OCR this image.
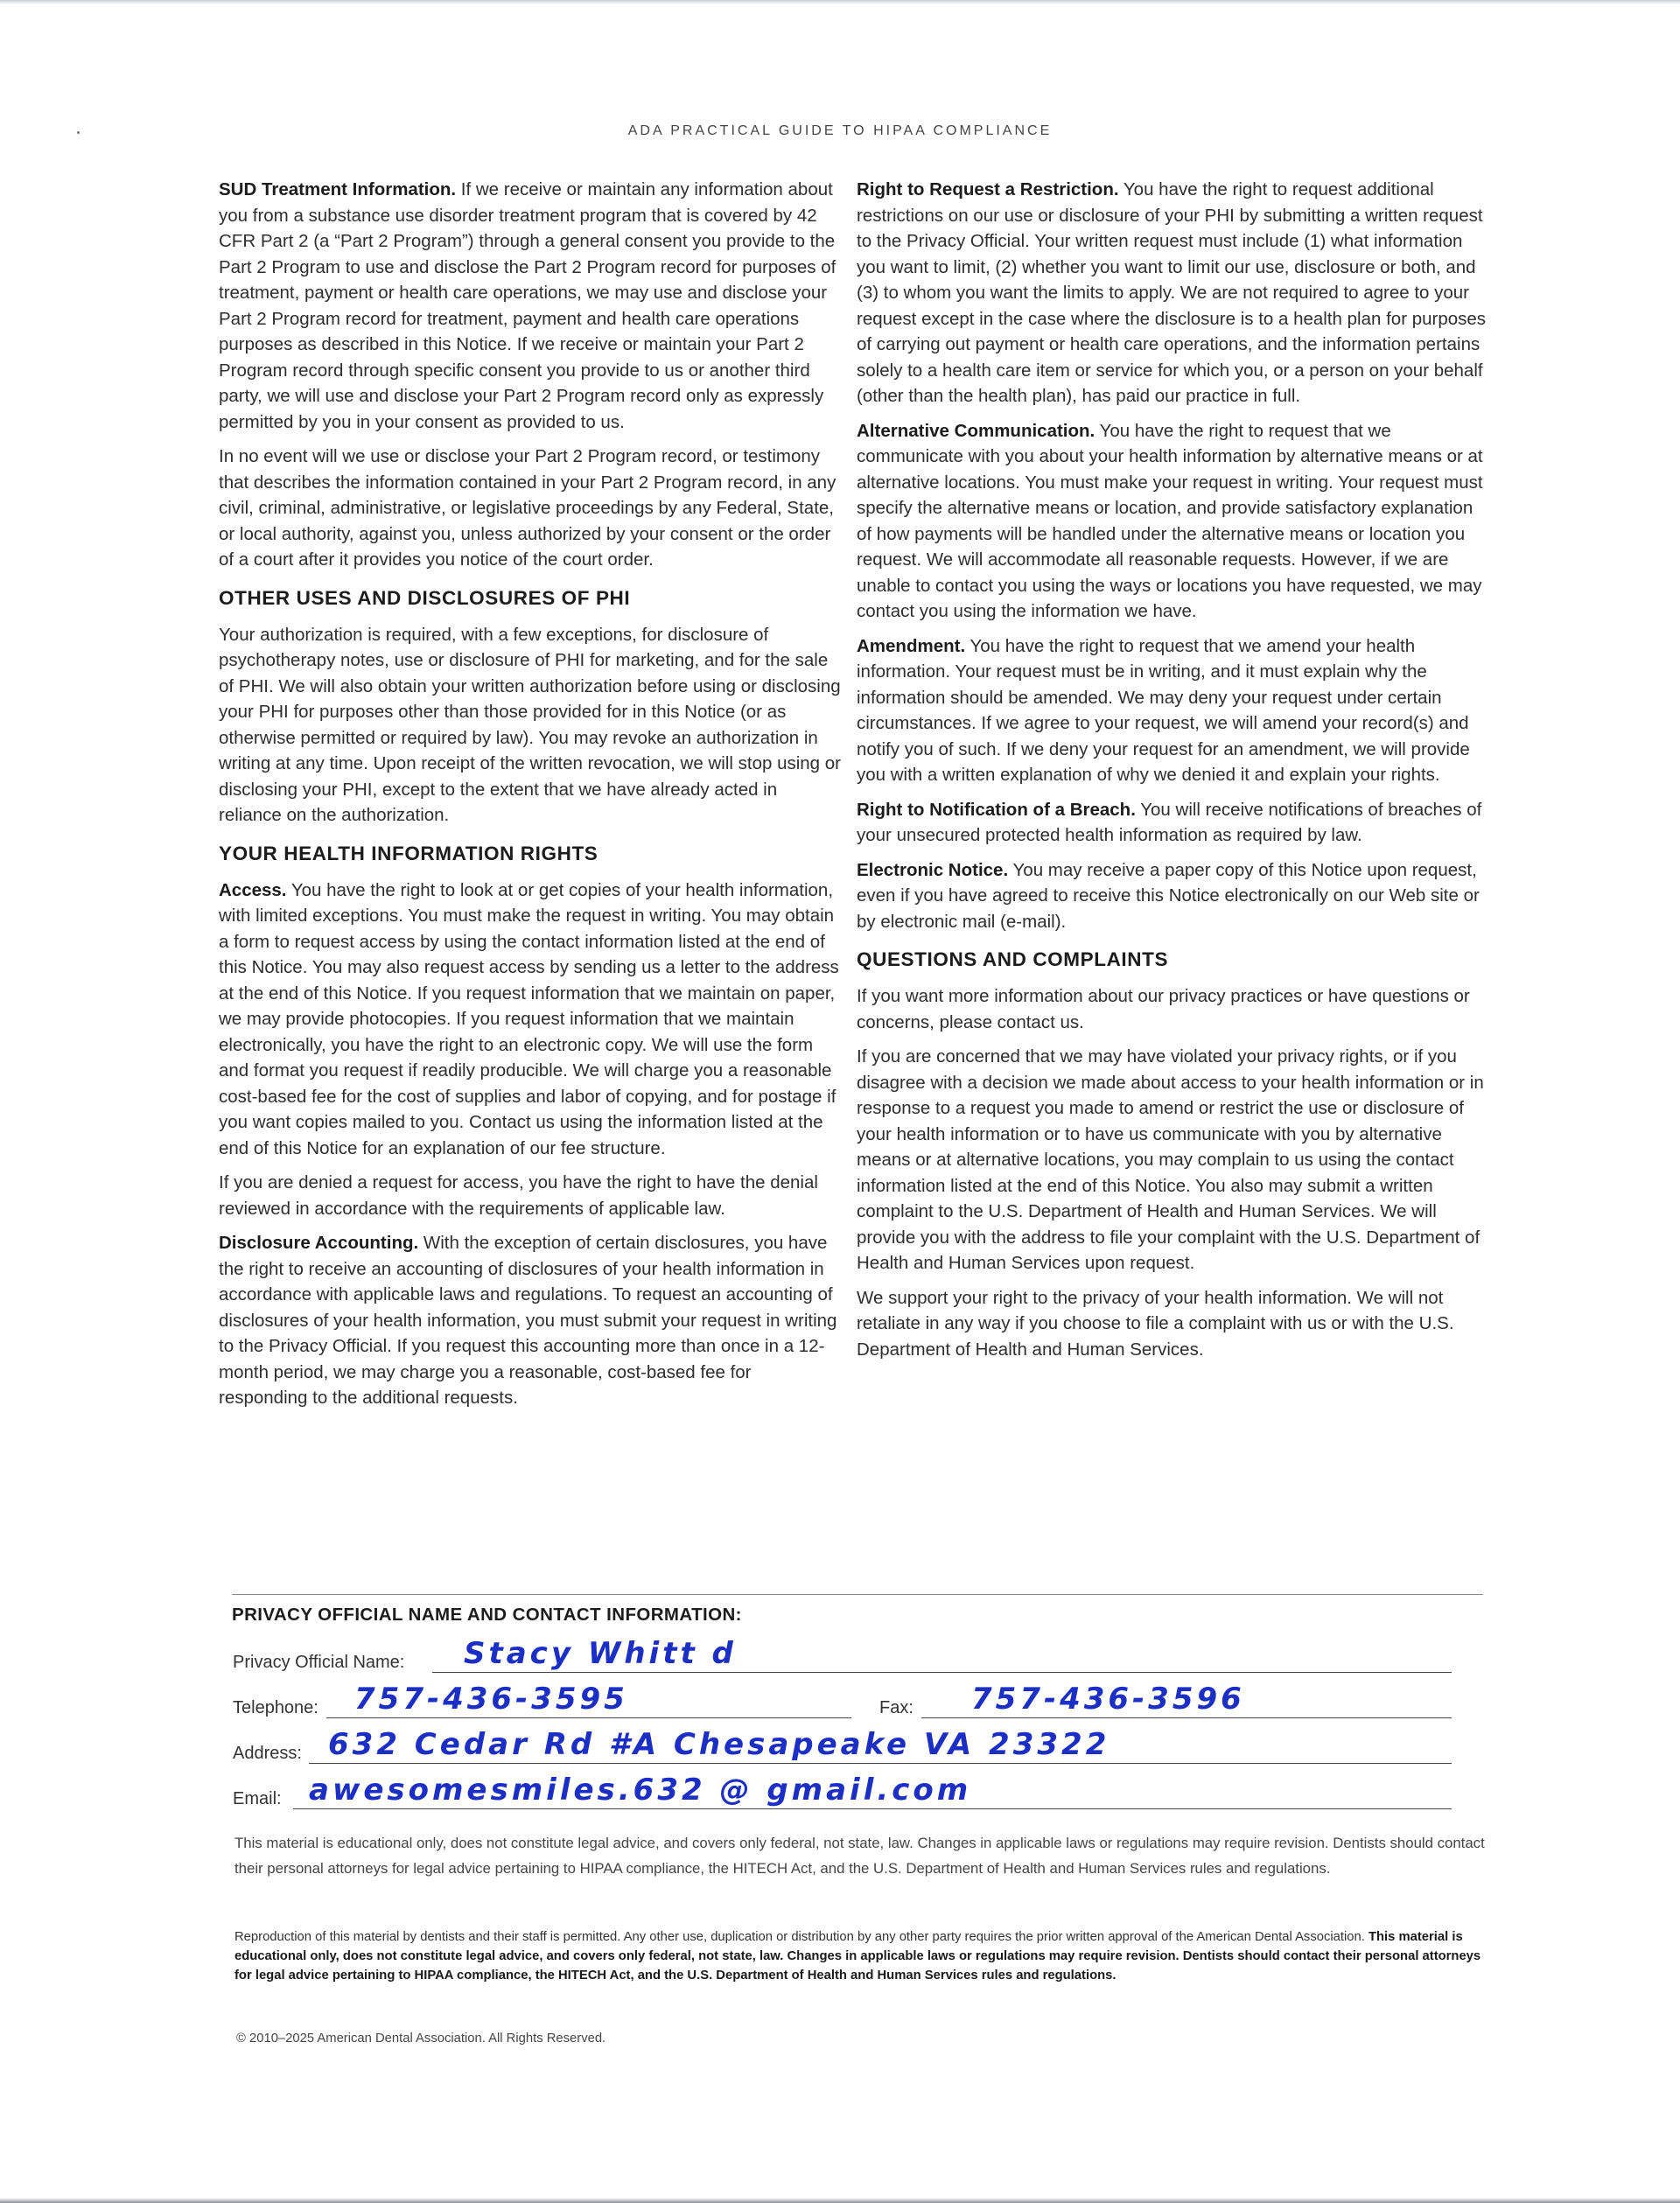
ADA PRACTICAL GUIDE TO HIPAA COMPLIANCE

SUD Treatment Information. If we receive or maintain any information about you from a substance use disorder treatment program that is covered by 42 CFR Part 2 (a “Part 2 Program”) through a general consent you provide to the Part 2 Program to use and disclose the Part 2 Program record for purposes of treatment, payment or health care operations, we may use and disclose your Part 2 Program record for treatment, payment and health care operations purposes as described in this Notice. If we receive or maintain your Part 2 Program record through specific consent you provide to us or another third party, we will use and disclose your Part 2 Program record only as expressly permitted by you in your consent as provided to us.

In no event will we use or disclose your Part 2 Program record, or testimony that describes the information contained in your Part 2 Program record, in any civil, criminal, administrative, or legislative proceedings by any Federal, State, or local authority, against you, unless authorized by your consent or the order of a court after it provides you notice of the court order.

OTHER USES AND DISCLOSURES OF PHI

Your authorization is required, with a few exceptions, for disclosure of psychotherapy notes, use or disclosure of PHI for marketing, and for the sale of PHI. We will also obtain your written authorization before using or disclosing your PHI for purposes other than those provided for in this Notice (or as otherwise permitted or required by law). You may revoke an authorization in writing at any time. Upon receipt of the written revocation, we will stop using or disclosing your PHI, except to the extent that we have already acted in reliance on the authorization.

YOUR HEALTH INFORMATION RIGHTS

Access. You have the right to look at or get copies of your health information, with limited exceptions. You must make the request in writing. You may obtain a form to request access by using the contact information listed at the end of this Notice. You may also request access by sending us a letter to the address at the end of this Notice. If you request information that we maintain on paper, we may provide photocopies. If you request information that we maintain electronically, you have the right to an electronic copy. We will use the form and format you request if readily producible. We will charge you a reasonable cost-based fee for the cost of supplies and labor of copying, and for postage if you want copies mailed to you. Contact us using the information listed at the end of this Notice for an explanation of our fee structure.

If you are denied a request for access, you have the right to have the denial reviewed in accordance with the requirements of applicable law.

Disclosure Accounting. With the exception of certain disclosures, you have the right to receive an accounting of disclosures of your health information in accordance with applicable laws and regulations. To request an accounting of disclosures of your health information, you must submit your request in writing to the Privacy Official. If you request this accounting more than once in a 12-month period, we may charge you a reasonable, cost-based fee for responding to the additional requests.

Right to Request a Restriction. You have the right to request additional restrictions on our use or disclosure of your PHI by submitting a written request to the Privacy Official. Your written request must include (1) what information you want to limit, (2) whether you want to limit our use, disclosure or both, and (3) to whom you want the limits to apply. We are not required to agree to your request except in the case where the disclosure is to a health plan for purposes of carrying out payment or health care operations, and the information pertains solely to a health care item or service for which you, or a person on your behalf (other than the health plan), has paid our practice in full.

Alternative Communication. You have the right to request that we communicate with you about your health information by alternative means or at alternative locations. You must make your request in writing. Your request must specify the alternative means or location, and provide satisfactory explanation of how payments will be handled under the alternative means or location you request. We will accommodate all reasonable requests. However, if we are unable to contact you using the ways or locations you have requested, we may contact you using the information we have.

Amendment. You have the right to request that we amend your health information. Your request must be in writing, and it must explain why the information should be amended. We may deny your request under certain circumstances. If we agree to your request, we will amend your record(s) and notify you of such. If we deny your request for an amendment, we will provide you with a written explanation of why we denied it and explain your rights.

Right to Notification of a Breach. You will receive notifications of breaches of your unsecured protected health information as required by law.

Electronic Notice. You may receive a paper copy of this Notice upon request, even if you have agreed to receive this Notice electronically on our Web site or by electronic mail (e-mail).

QUESTIONS AND COMPLAINTS

If you want more information about our privacy practices or have questions or concerns, please contact us.

If you are concerned that we may have violated your privacy rights, or if you disagree with a decision we made about access to your health information or in response to a request you made to amend or restrict the use or disclosure of your health information or to have us communicate with you by alternative means or at alternative locations, you may complain to us using the contact information listed at the end of this Notice. You also may submit a written complaint to the U.S. Department of Health and Human Services. We will provide you with the address to file your complaint with the U.S. Department of Health and Human Services upon request.

We support your right to the privacy of your health information. We will not retaliate in any way if you choose to file a complaint with us or with the U.S. Department of Health and Human Services.

PRIVACY OFFICIAL NAME AND CONTACT INFORMATION:
Privacy Official Name: Stacy Whitt d
Telephone: 757-436-3595	Fax: 757-436-3596
Address: 632 Cedar Rd #A Chesapeake VA 23322
Email: awesomesmiles.632 @ gmail.com

This material is educational only, does not constitute legal advice, and covers only federal, not state, law. Changes in applicable laws or regulations may require revision. Dentists should contact their personal attorneys for legal advice pertaining to HIPAA compliance, the HITECH Act, and the U.S. Department of Health and Human Services rules and regulations.

Reproduction of this material by dentists and their staff is permitted. Any other use, duplication or distribution by any other party requires the prior written approval of the American Dental Association. This material is educational only, does not constitute legal advice, and covers only federal, not state, law. Changes in applicable laws or regulations may require revision. Dentists should contact their personal attorneys for legal advice pertaining to HIPAA compliance, the HITECH Act, and the U.S. Department of Health and Human Services rules and regulations.

© 2010–2025 American Dental Association. All Rights Reserved.
